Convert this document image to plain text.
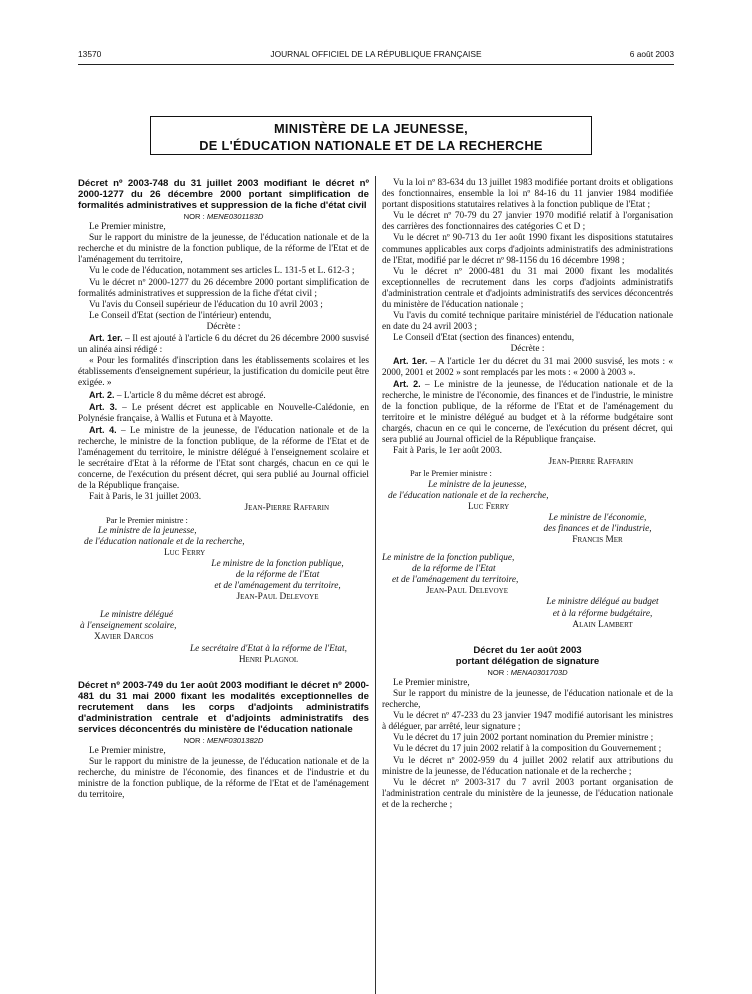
13570	JOURNAL OFFICIEL DE LA RÉPUBLIQUE FRANÇAISE	6 août 2003
MINISTÈRE DE LA JEUNESSE,
DE L'ÉDUCATION NATIONALE ET DE LA RECHERCHE

Décret nº 2003-748 du 31 juillet 2003 modifiant le décret nº 2000-1277 du 26 décembre 2000 portant simplification de formalités administratives et suppression de la fiche d'état civil

NOR : MENE0301183D

Le Premier ministre,

Sur le rapport du ministre de la jeunesse, de l'éducation nationale et de la recherche et du ministre de la fonction publique, de la réforme de l'Etat et de l'aménagement du territoire,

Vu le code de l'éducation, notamment ses articles L. 131-5 et L. 612-3 ;

Vu le décret nº 2000-1277 du 26 décembre 2000 portant simplification de formalités administratives et suppression de la fiche d'état civil ;

Vu l'avis du Conseil supérieur de l'éducation du 10 avril 2003 ;

Le Conseil d'Etat (section de l'intérieur) entendu,

Décrète :

Art. 1er. – Il est ajouté à l'article 6 du décret du 26 décembre 2000 susvisé un alinéa ainsi rédigé :

« Pour les formalités d'inscription dans les établissements scolaires et les établissements d'enseignement supérieur, la justification du domicile peut être exigée. »

Art. 2. – L'article 8 du même décret est abrogé.

Art. 3. – Le présent décret est applicable en Nouvelle-Calédonie, en Polynésie française, à Wallis et Futuna et à Mayotte.

Art. 4. – Le ministre de la jeunesse, de l'éducation nationale et de la recherche, le ministre de la fonction publique, de la réforme de l'Etat et de l'aménagement du territoire, le ministre délégué à l'enseignement scolaire et le secrétaire d'Etat à la réforme de l'Etat sont chargés, chacun en ce qui le concerne, de l'exécution du présent décret, qui sera publié au Journal officiel de la République française.

Fait à Paris, le 31 juillet 2003.

Jean-Pierre Raffarin

Par le Premier ministre :

Le ministre de la jeunesse,

de l'éducation nationale et de la recherche,

Luc Ferry

Le ministre de la fonction publique,

de la réforme de l'Etat

et de l'aménagement du territoire,

Jean-Paul Delevoye

Le ministre délégué

à l'enseignement scolaire,

Xavier Darcos

Le secrétaire d'Etat à la réforme de l'Etat,

Henri Plagnol

Décret nº 2003-749 du 1er août 2003 modifiant le décret nº 2000-481 du 31 mai 2000 fixant les modalités exceptionnelles de recrutement dans les corps d'adjoints administratifs d'administration centrale et d'adjoints administratifs des services déconcentrés du ministère de l'éducation nationale

NOR : MENF0301382D

Le Premier ministre,

Sur le rapport du ministre de la jeunesse, de l'éducation nationale et de la recherche, du ministre de l'économie, des finances et de l'industrie et du ministre de la fonction publique, de la réforme de l'Etat et de l'aménagement du territoire,

Vu la loi nº 83-634 du 13 juillet 1983 modifiée portant droits et obligations des fonctionnaires, ensemble la loi nº 84-16 du 11 janvier 1984 modifiée portant dispositions statutaires relatives à la fonction publique de l'Etat ;

Vu le décret nº 70-79 du 27 janvier 1970 modifié relatif à l'organisation des carrières des fonctionnaires des catégories C et D ;

Vu le décret nº 90-713 du 1er août 1990 fixant les dispositions statutaires communes applicables aux corps d'adjoints administratifs des administrations de l'Etat, modifié par le décret nº 98-1156 du 16 décembre 1998 ;

Vu le décret nº 2000-481 du 31 mai 2000 fixant les modalités exceptionnelles de recrutement dans les corps d'adjoints administratifs d'administration centrale et d'adjoints administratifs des services déconcentrés du ministère de l'éducation nationale ;

Vu l'avis du comité technique paritaire ministériel de l'éducation nationale en date du 24 avril 2003 ;

Le Conseil d'Etat (section des finances) entendu,

Décrète :

Art. 1er. – A l'article 1er du décret du 31 mai 2000 susvisé, les mots : « 2000, 2001 et 2002 » sont remplacés par les mots : « 2000 à 2003 ».

Art. 2. – Le ministre de la jeunesse, de l'éducation nationale et de la recherche, le ministre de l'économie, des finances et de l'industrie, le ministre de la fonction publique, de la réforme de l'Etat et de l'aménagement du territoire et le ministre délégué au budget et à la réforme budgétaire sont chargés, chacun en ce qui le concerne, de l'exécution du présent décret, qui sera publié au Journal officiel de la République française.

Fait à Paris, le 1er août 2003.

Jean-Pierre Raffarin

Par le Premier ministre :

Le ministre de la jeunesse,

de l'éducation nationale et de la recherche,

Luc Ferry

Le ministre de l'économie,

des finances et de l'industrie,

Francis Mer

Le ministre de la fonction publique,

de la réforme de l'Etat

et de l'aménagement du territoire,

Jean-Paul Delevoye

Le ministre délégué au budget

et à la réforme budgétaire,

Alain Lambert

Décret du 1er août 2003

portant délégation de signature

NOR : MENA0301703D

Le Premier ministre,

Sur le rapport du ministre de la jeunesse, de l'éducation nationale et de la recherche,

Vu le décret nº 47-233 du 23 janvier 1947 modifié autorisant les ministres à déléguer, par arrêté, leur signature ;

Vu le décret du 17 juin 2002 portant nomination du Premier ministre ;

Vu le décret du 17 juin 2002 relatif à la composition du Gouvernement ;

Vu le décret nº 2002-959 du 4 juillet 2002 relatif aux attributions du ministre de la jeunesse, de l'éducation nationale et de la recherche ;

Vu le décret nº 2003-317 du 7 avril 2003 portant organisation de l'administration centrale du ministère de la jeunesse, de l'éducation nationale et de la recherche ;
